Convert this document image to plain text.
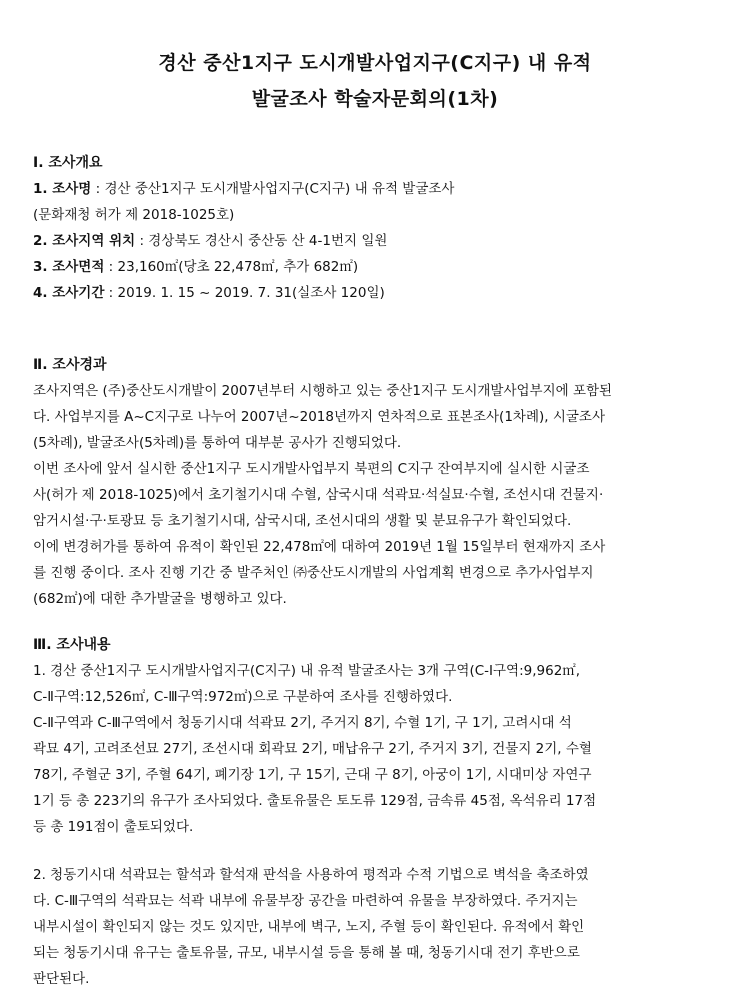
경산 중산1지구 도시개발사업지구(C지구) 내 유적
발굴조사 학술자문회의(1차)

Ⅰ. 조사개요

1. 조사명 : 경산 중산1지구 도시개발사업지구(C지구) 내 유적 발굴조사

(문화재청 허가 제 2018-1025호)

2. 조사지역 위치 : 경상북도 경산시 중산동 산 4-1번지 일원

3. 조사면적 : 23,160㎡(당초 22,478㎡, 추가 682㎡)

4. 조사기간 : 2019. 1. 15 ~ 2019. 7. 31(실조사 120일)

Ⅱ. 조사경과

조사지역은 (주)중산도시개발이 2007년부터 시행하고 있는 중산1지구 도시개발사업부지에 포함된

다. 사업부지를 A~C지구로 나누어 2007년~2018년까지 연차적으로 표본조사(1차례), 시굴조사

(5차례), 발굴조사(5차례)를 통하여 대부분 공사가 진행되었다.

이번 조사에 앞서 실시한 중산1지구 도시개발사업부지 북편의 C지구 잔여부지에 실시한 시굴조

사(허가 제 2018-1025)에서 초기철기시대 수혈, 삼국시대 석곽묘·석실묘·수혈, 조선시대 건물지·

암거시설·구·토광묘 등 초기철기시대, 삼국시대, 조선시대의 생활 및 분묘유구가 확인되었다.

이에 변경허가를 통하여 유적이 확인된 22,478㎡에 대하여 2019년 1월 15일부터 현재까지 조사

를 진행 중이다. 조사 진행 기간 중 발주처인 ㈜중산도시개발의 사업계획 변경으로 추가사업부지

(682㎡)에 대한 추가발굴을 병행하고 있다.

Ⅲ. 조사내용

1. 경산 중산1지구 도시개발사업지구(C지구) 내 유적 발굴조사는 3개 구역(C-Ⅰ구역:9,962㎡,

C-Ⅱ구역:12,526㎡, C-Ⅲ구역:972㎡)으로 구분하여 조사를 진행하였다.

C-Ⅱ구역과 C-Ⅲ구역에서 청동기시대 석곽묘 2기, 주거지 8기, 수혈 1기, 구 1기, 고려시대 석

곽묘 4기, 고려조선묘 27기, 조선시대 회곽묘 2기, 매납유구 2기, 주거지 3기, 건물지 2기, 수혈

78기, 주혈군 3기, 주혈 64기, 폐기장 1기, 구 15기, 근대 구 8기, 아궁이 1기, 시대미상 자연구

1기 등 총 223기의 유구가 조사되었다. 출토유물은 토도류 129점, 금속류 45점, 옥석유리 17점

등 총 191점이 출토되었다.

2. 청동기시대 석곽묘는 할석과 할석재 판석을 사용하여 평적과 수적 기법으로 벽석을 축조하였

다. C-Ⅲ구역의 석곽묘는 석곽 내부에 유물부장 공간을 마련하여 유물을 부장하였다. 주거지는

내부시설이 확인되지 않는 것도 있지만, 내부에 벽구, 노지, 주혈 등이 확인된다. 유적에서 확인

되는 청동기시대 유구는 출토유물, 규모, 내부시설 등을 통해 볼 때, 청동기시대 전기 후반으로

판단된다.
